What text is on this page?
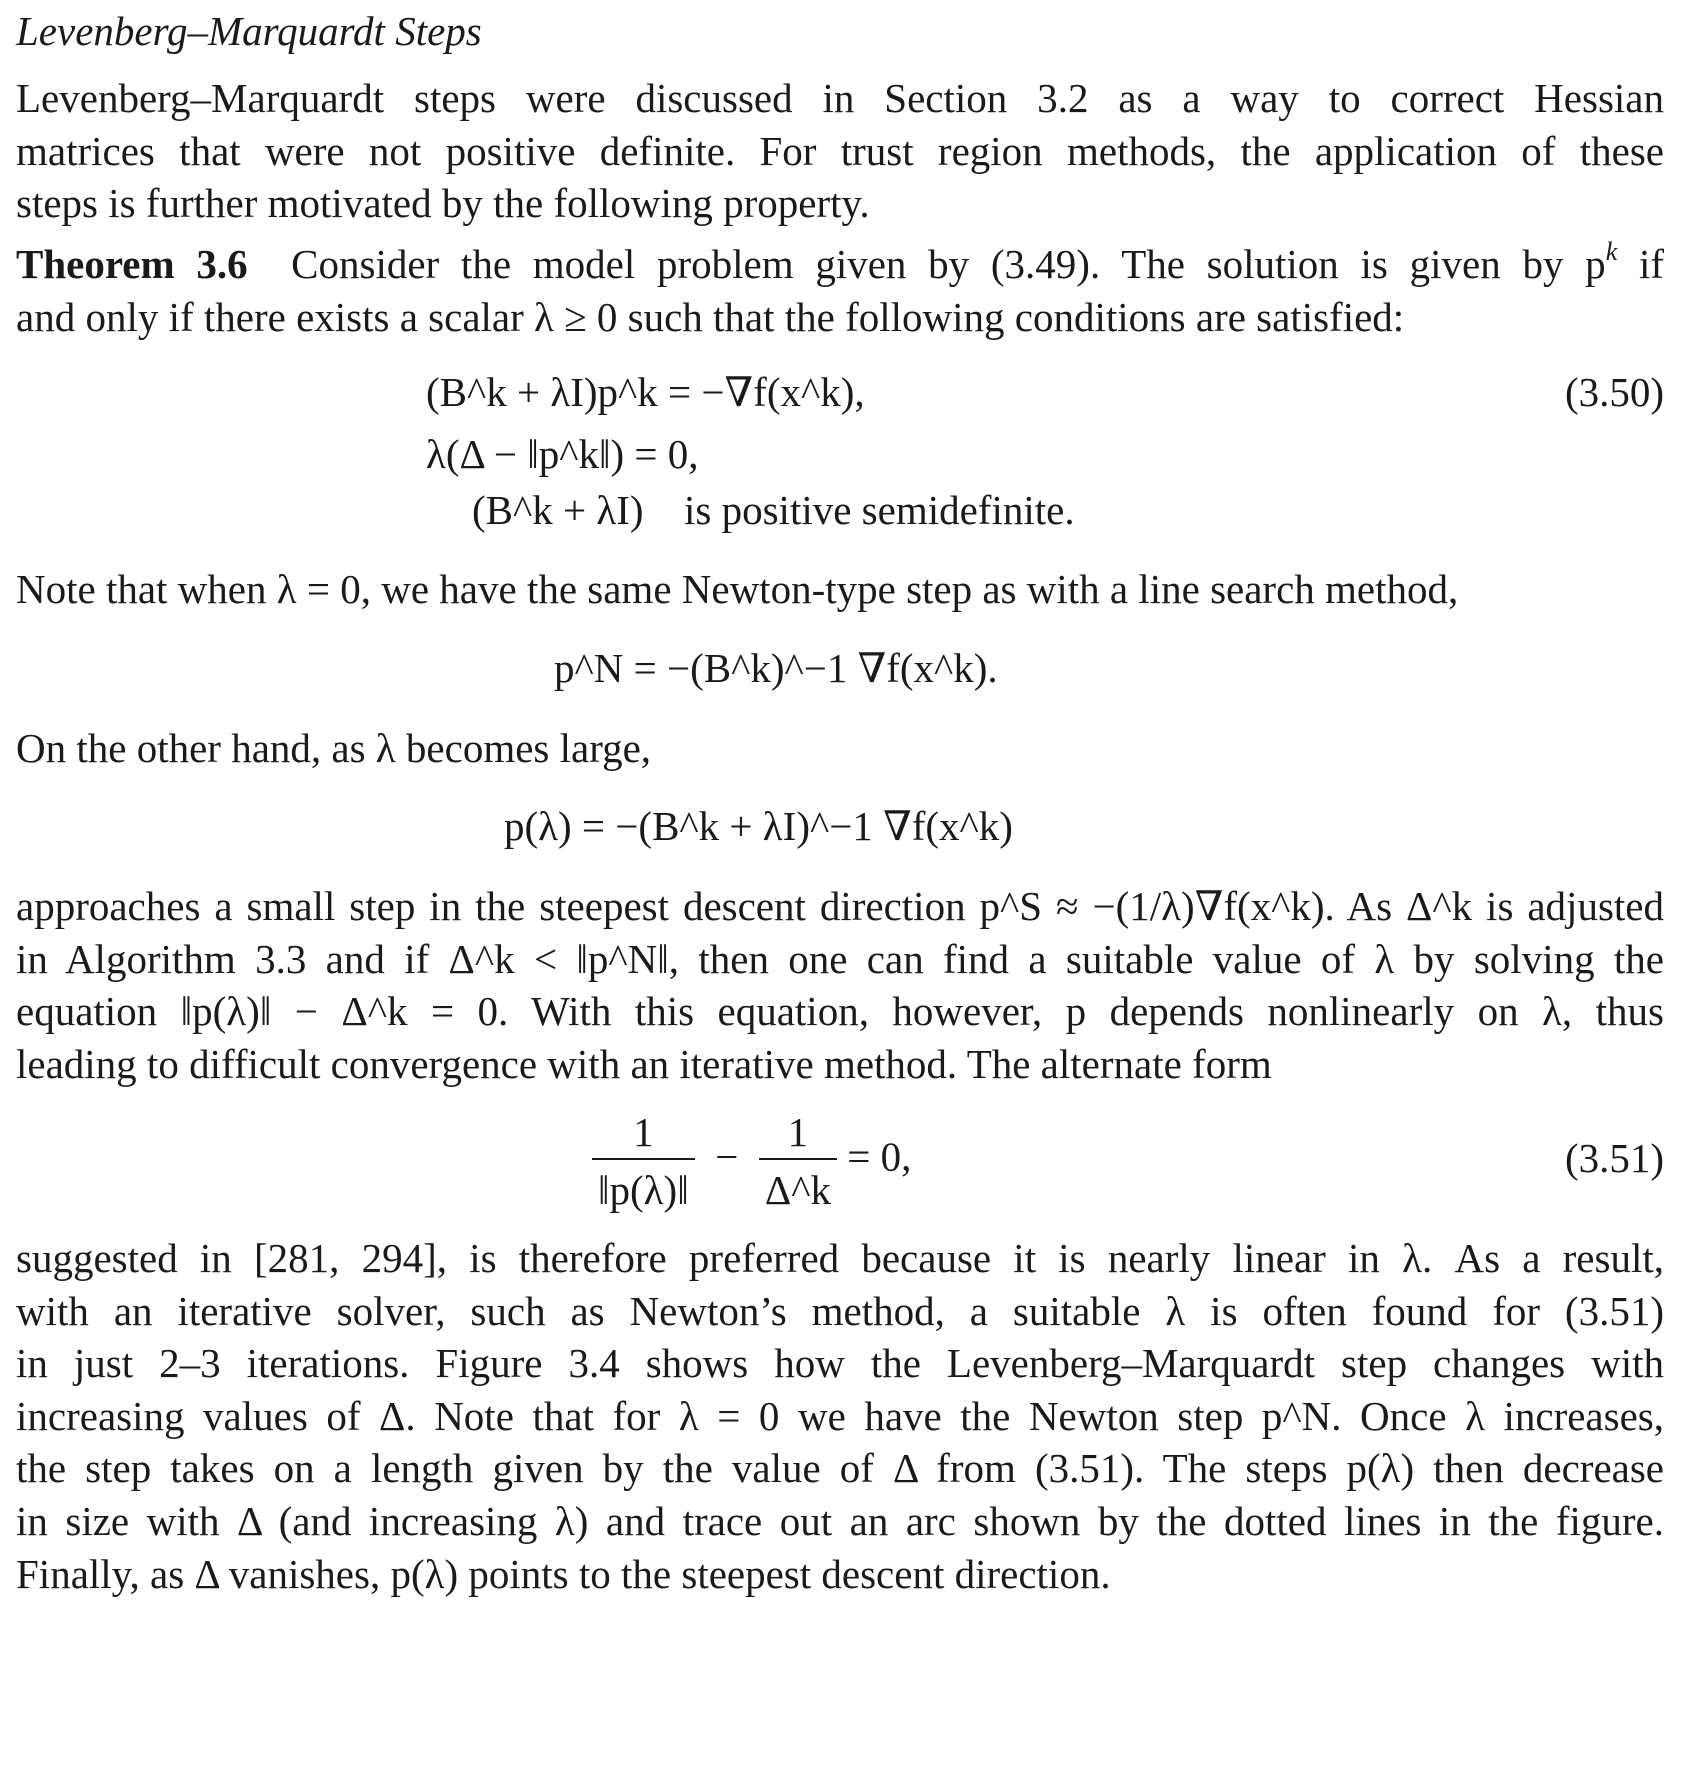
Levenberg–Marquardt Steps
Levenberg–Marquardt steps were discussed in Section 3.2 as a way to correct Hessian
matrices that were not positive definite. For trust region methods, the application of these
steps is further motivated by the following property.
Theorem 3.6 Consider the model problem given by (3.49). The solution is given by $p^k$ if
and only if there exists a scalar λ ≥ 0 such that the following conditions are satisfied:
(B^k + λI)p^k = −∇f(x^k),	(3.50)
λ(Δ − ‖p^k‖) = 0,
(B^k + λI) is positive semidefinite.
Note that when λ = 0, we have the same Newton-type step as with a line search method,
p^N = −(B^k)^−1 ∇f(x^k).
On the other hand, as λ becomes large,
p(λ) = −(B^k + λI)^−1 ∇f(x^k)
approaches a small step in the steepest descent direction p^S ≈ −(1/λ)∇f(x^k). As Δ^k is adjusted
in Algorithm 3.3 and if Δ^k < ‖p^N‖, then one can find a suitable value of λ by solving the
equation ‖p(λ)‖ − Δ^k = 0. With this equation, however, p depends nonlinearly on λ, thus
leading to difficult convergence with an iterative method. The alternate form
$\frac{1}{‖p(\lambda)‖} - \frac{1}{\Delta\^{}k} = 0$,	(3.51)
suggested in [281, 294], is therefore preferred because it is nearly linear in λ. As a result,
with an iterative solver, such as Newton’s method, a suitable λ is often found for (3.51)
in just 2–3 iterations. Figure 3.4 shows how the Levenberg–Marquardt step changes with
increasing values of Δ. Note that for λ = 0 we have the Newton step p^N. Once λ increases,
the step takes on a length given by the value of Δ from (3.51). The steps p(λ) then decrease
in size with Δ (and increasing λ) and trace out an arc shown by the dotted lines in the figure.
Finally, as Δ vanishes, p(λ) points to the steepest descent direction.
